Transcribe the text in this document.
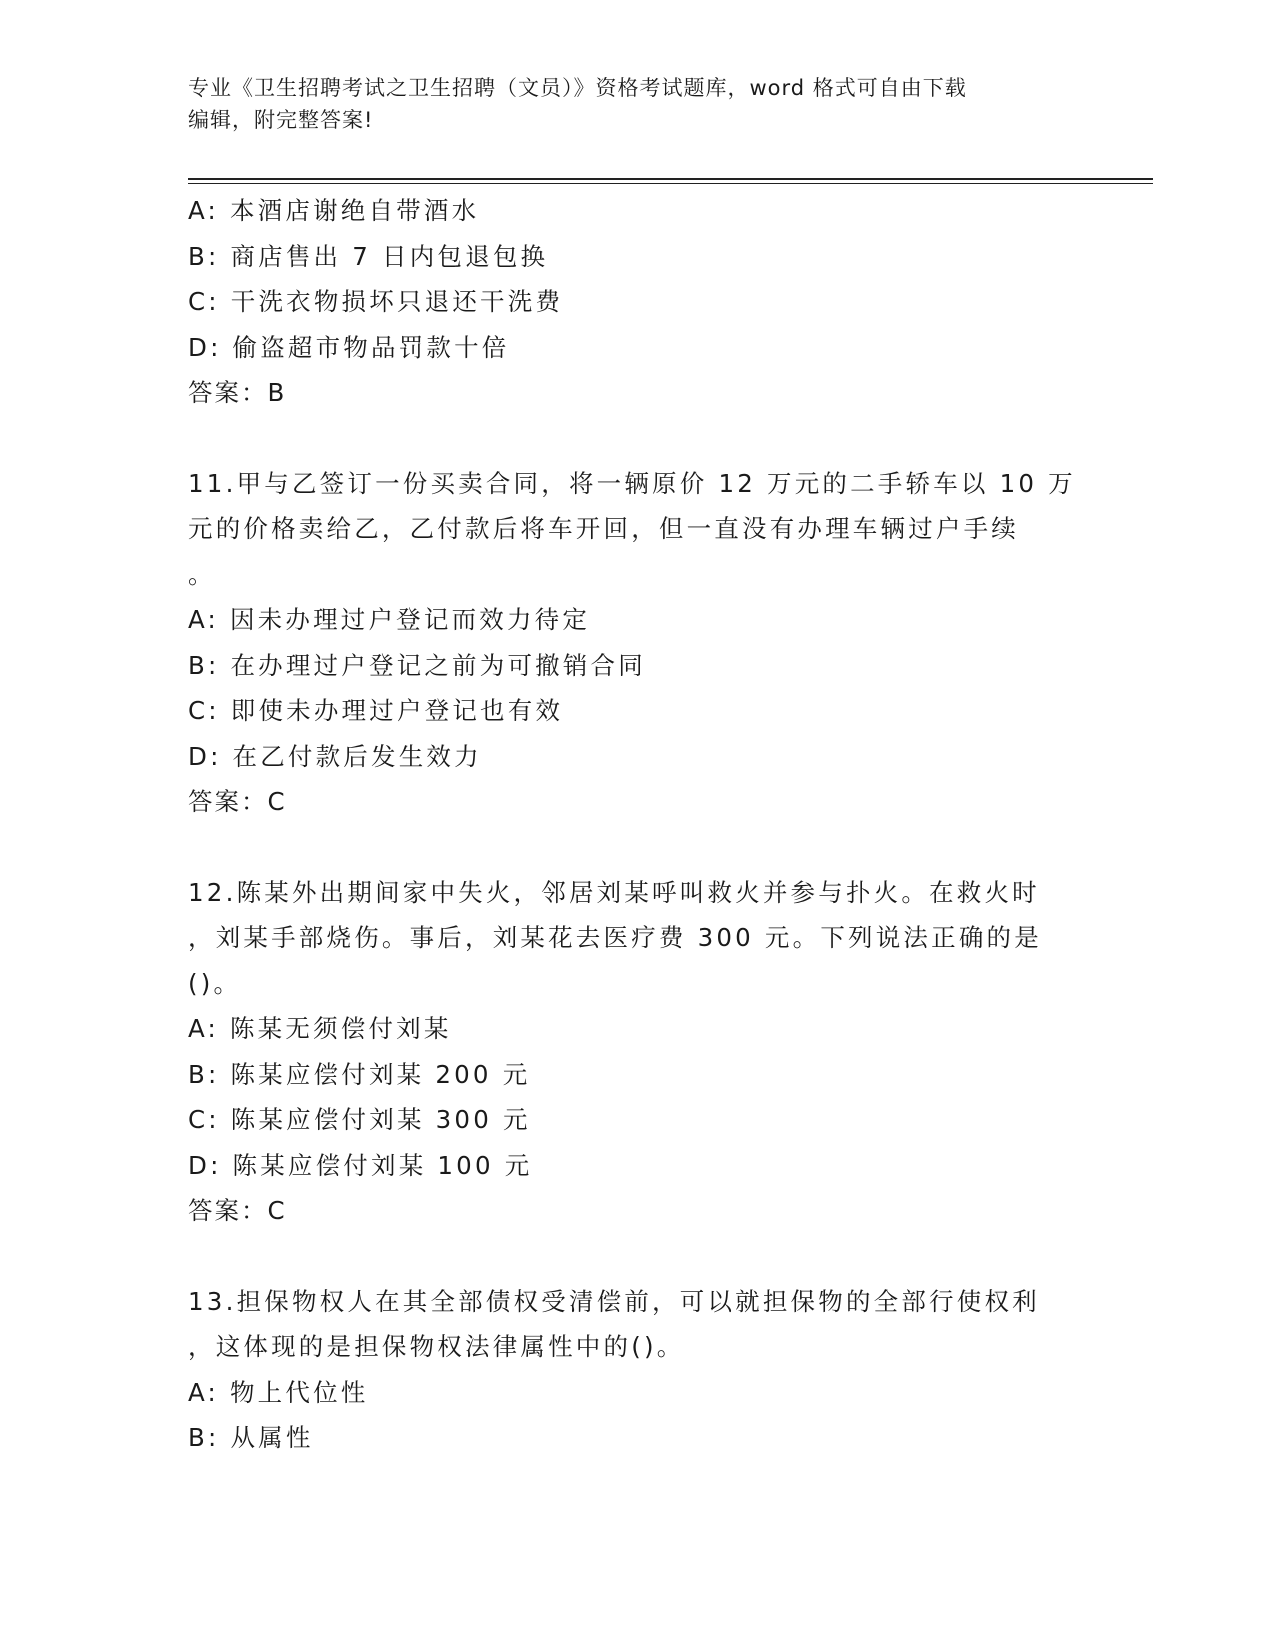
专业《卫生招聘考试之卫生招聘（文员）》资格考试题库，word 格式可自由下载
编辑，附完整答案!
A: 本酒店谢绝自带酒水
B: 商店售出 7 日内包退包换
C: 干洗衣物损坏只退还干洗费
D: 偷盗超市物品罚款十倍
答案：B
11.甲与乙签订一份买卖合同，将一辆原价 12 万元的二手轿车以 10 万
元的价格卖给乙，乙付款后将车开回，但一直没有办理车辆过户手续
。
A: 因未办理过户登记而效力待定
B: 在办理过户登记之前为可撤销合同
C: 即使未办理过户登记也有效
D: 在乙付款后发生效力
答案：C
12.陈某外出期间家中失火，邻居刘某呼叫救火并参与扑火。在救火时
，刘某手部烧伤。事后，刘某花去医疗费 300 元。下列说法正确的是
()。
A: 陈某无须偿付刘某
B: 陈某应偿付刘某 200 元
C: 陈某应偿付刘某 300 元
D: 陈某应偿付刘某 100 元
答案：C
13.担保物权人在其全部债权受清偿前，可以就担保物的全部行使权利
，这体现的是担保物权法律属性中的()。
A: 物上代位性
B: 从属性
